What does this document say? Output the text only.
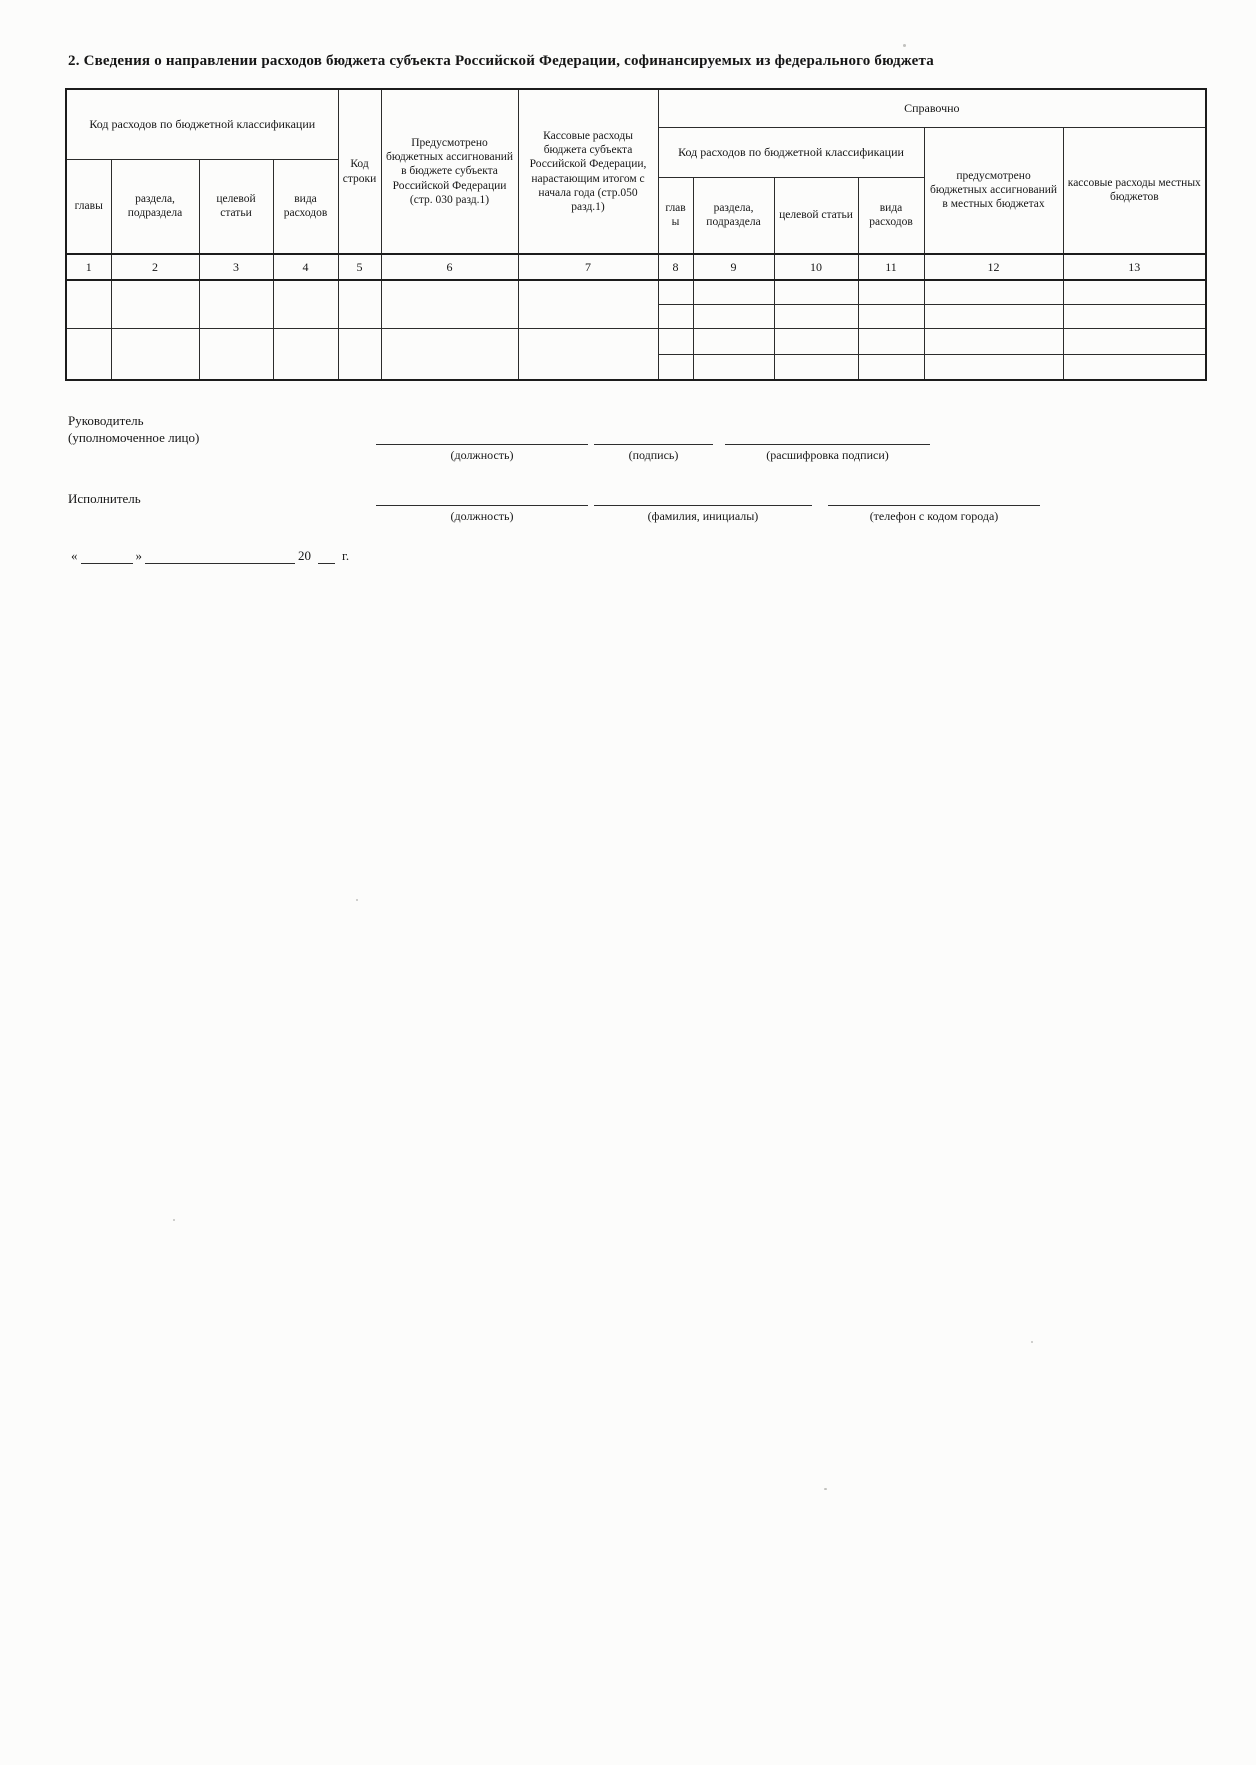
2. Сведения о направлении расходов бюджета субъекта Российской Федерации, софинансируемых из федерального бюджета
Код расходов по бюджетной классификации				Код строки	Предусмотрено бюджетных ассигнований в бюджете субъекта Российской Федерации (стр. 030 разд.1)	Кассовые расходы бюджета субъекта Российской Федерации, нарастающим итогом с начала года (стр.050 разд.1)	Справочно					
							Код расходов по бюджетной классификации				предусмотрено бюджетных ассигнований в местных бюджетах	кассовые расходы местных бюджетов
главы	раздела, подраздела	целевой статьи	вида расходов									
							главы	раздела, подраздела	целевой статьи	вида расходов		
1	2	3	4	5	6	7	8	9	10	11	12	13

Руководитель
(уполномоченное лицо)
(должность)	(подпись)	(расшифровка подписи)
Исполнитель
(должность)	(фамилия, инициалы)	(телефон с кодом города)
«	»	20 г.
